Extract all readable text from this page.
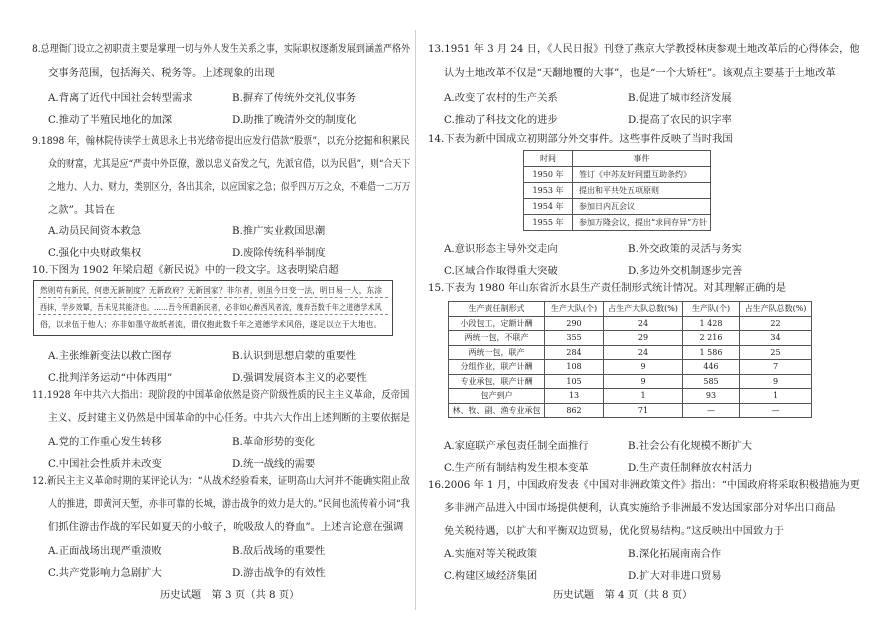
8.总理衙门设立之初职责主要是掌理一切与外人发生关系之事，实际职权逐渐发展到涵盖严格外
交事务范围，包括海关、税务等。上述现象的出现
A.背离了近代中国社会转型需求	B.摒弃了传统外交礼仪事务
C.推动了半殖民地化的加深	D.助推了晚清外交的制度化
9.1898 年，翰林院侍读学士黄思永上书光绪帝提出应发行借款“股票”，以充分挖掘和积累民
众的财富，尤其是应“严责中外臣僚，激以忠义奋发之气，先派官借，以为民倡”，则“合天下
之地力、人力、财力，类别区分，各出其余，以应国家之急；似乎四万万之众，不难借一二万万
之款”。其旨在
A.动员民间资本救急	B.推广实业救国思潮
C.强化中央财政集权	D.废除传统科举制度
10.下图为 1902 年梁启超《新民说》中的一段文字。这表明梁启超
然则苟有新民，何患无新制度？无新政府？无新国家？非尔者，则虽今日变一法，明日易一人，东涂
西抹，学步效颦，吾未见其能济也。……吾今所谓新民者，必非如心醉西风者流，蔑弃吾数千年之道德学术风
俗，以求伍于他人；亦非如墨守故纸者流，谓仅抱此数千年之道德学术风俗，遂足以立于大地也。
A.主张维新变法以救亡图存	B.认识到思想启蒙的重要性
C.批判洋务运动“中体西用”	D.强调发展资本主义的必要性
11.1928 年中共六大指出：现阶段的中国革命依然是资产阶级性质的民主主义革命，反帝国
主义、反封建主义仍然是中国革命的中心任务。中共六大作出上述判断的主要依据是
A.党的工作重心发生转移	B.革命形势的变化
C.中国社会性质并未改变	D.统一战线的需要
12.新民主主义革命时期的某评论认为：“从战术经验看来，证明高山大河并不能确实阻止敌
人的推进，即黄河天堑，亦非可靠的长城，游击战争的效力是大的。”民间也流传着小词“我
们抓住游击作战的军民如夏天的小蚊子，吮吸敌人的脊血”。上述言论意在强调
A.正面战场出现严重溃败	B.敌后战场的重要性
C.共产党影响力急剧扩大	D.游击战争的有效性
历史试题　第 3 页（共 8 页）
13.1951 年 3 月 24 日，《人民日报》刊登了燕京大学教授林庚参观土地改革后的心得体会，他
认为土地改革不仅是“天翻地覆的大事”，也是“一个大矫枉”。该观点主要基于土地改革
A.改变了农村的生产关系	B.促进了城市经济发展
C.推动了科技文化的进步	D.提高了农民的识字率
14.下表为新中国成立初期部分外交事件。这些事件反映了当时我国
时间	事件
1950 年	签订《中苏友好同盟互助条约》
1953 年	提出和平共处五项原则
1954 年	参加日内瓦会议
1955 年	参加万隆会议，提出“求同存异”方针
A.意识形态主导外交走向	B.外交政策的灵活与务实
C.区域合作取得重大突破	D.多边外交机制逐步完善
15.下表为 1980 年山东省沂水县生产责任制形式统计情况。对其理解正确的是
生产责任制形式	生产大队(个)	占生产大队总数(%)	生产队(个)	占生产队总数(%)
小段包工，定额计酬	290	24	1 428	22
两统一包，不联产	355	29	2 216	34
两统一包，联产	284	24	1 586	25
分组作业，联产计酬	108	9	446	7
专业承包，联产计酬	105	9	585	9
包产到户	13	1	93	1
林、牧、副、渔专业承包	862	71	—	—
A.家庭联产承包责任制全面推行	B.社会公有化规模不断扩大
C.生产所有制结构发生根本变革	D.生产责任制释放农村活力
16.2006 年 1 月，中国政府发表《中国对非洲政策文件》指出：“中国政府将采取积极措施为更
多非洲产品进入中国市场提供便利，认真实施给予非洲最不发达国家部分对华出口商品
免关税待遇，以扩大和平衡双边贸易，优化贸易结构。”这反映出中国致力于
A.实施对等关税政策	B.深化拓展南南合作
C.构建区域经济集团	D.扩大对非进口贸易
历史试题　第 4 页（共 8 页）
